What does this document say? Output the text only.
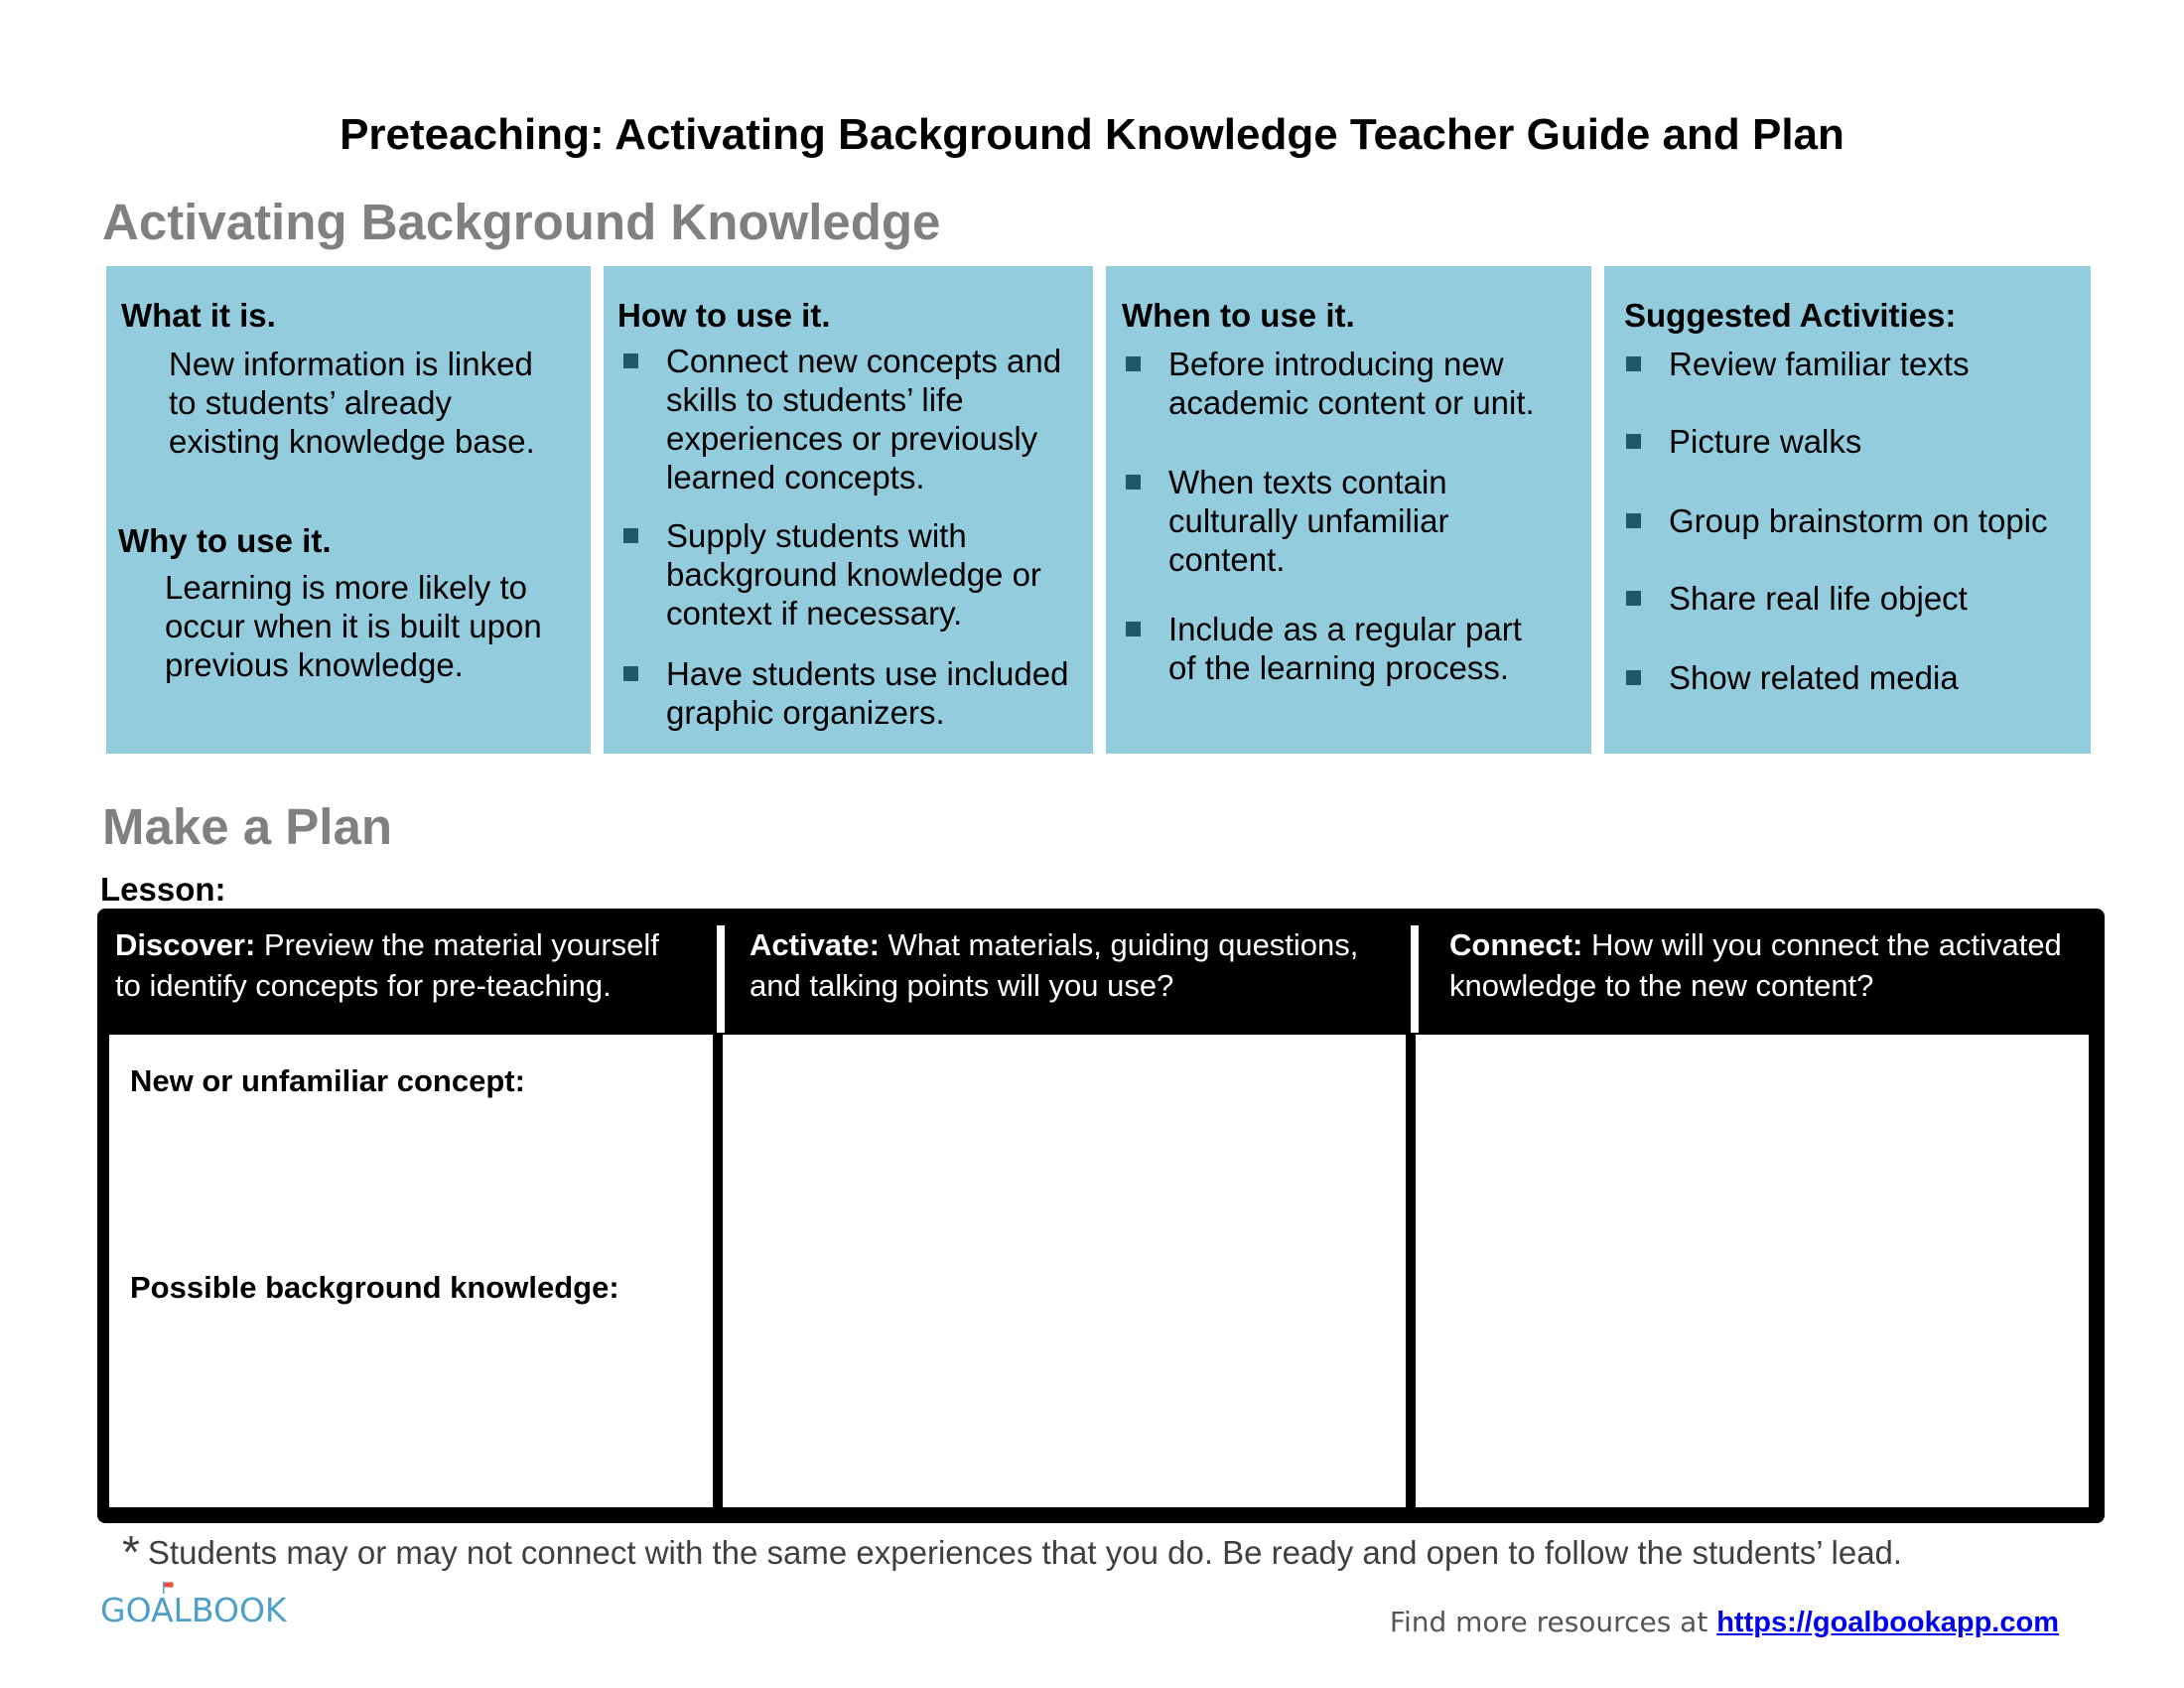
Preteaching: Activating Background Knowledge Teacher Guide and Plan
Activating Background Knowledge
What it is.
New information is linked
to students’ already
existing knowledge base.
Why to use it.
Learning is more likely to
occur when it is built upon
previous knowledge.
How to use it.
Connect new concepts and
skills to students’ life
experiences or previously
learned concepts.
Supply students with
background knowledge or
context if necessary.
Have students use included
graphic organizers.
When to use it.
Before introducing new
academic content or unit.
When texts contain
culturally unfamiliar
content.
Include as a regular part
of the learning process.
Suggested Activities:
Review familiar texts
Picture walks
Group brainstorm on topic
Share real life object
Show related media
Make a Plan
Lesson:
Discover: Preview the material yourself
to identify concepts for pre-teaching.
Activate: What materials, guiding questions,
and talking points will you use?
Connect: How will you connect the activated
knowledge to the new content?
New or unfamiliar concept:
Possible background knowledge:
* Students may or may not connect with the same experiences that you do. Be ready and open to follow the students’ lead.
GOALBOOK	Find more resources at https://goalbookapp.com
